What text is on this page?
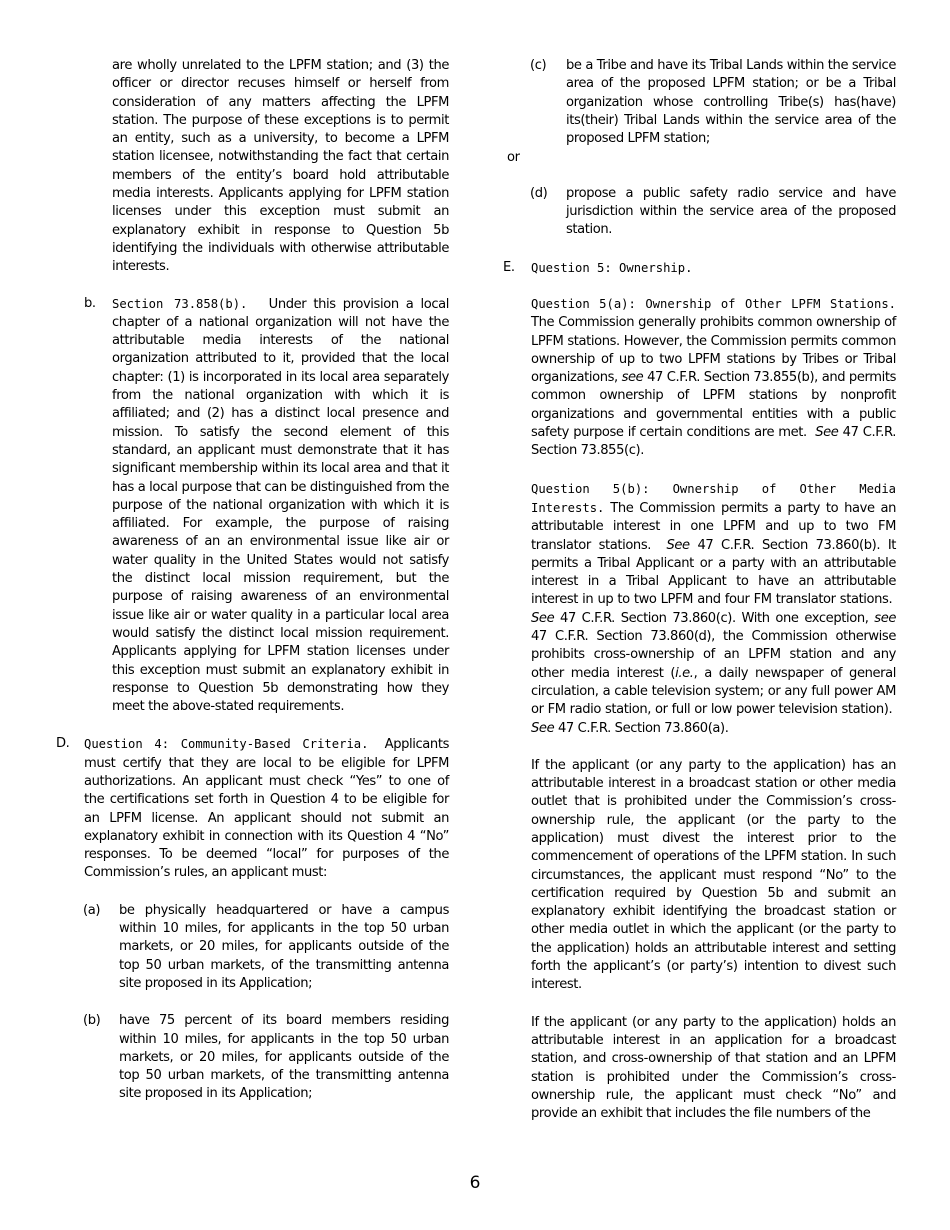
are wholly unrelated to the LPFM station; and (3) the officer or director recuses himself or herself from consideration of any matters affecting the LPFM station. The purpose of these exceptions is to permit an entity, such as a university, to become a LPFM station licensee, notwithstanding the fact that certain members of the entity’s board hold attributable media interests. Applicants applying for LPFM station licenses under this exception must submit an explanatory exhibit in response to Question 5b identifying the individuals with otherwise attributable interests.

b. Section 73.858(b). Under this provision a local chapter of a national organization will not have the attributable media interests of the national organization attributed to it, provided that the local chapter: (1) is incorporated in its local area separately from the national organization with which it is affiliated; and (2) has a distinct local presence and mission. To satisfy the second element of this standard, an applicant must demonstrate that it has significant membership within its local area and that it has a local purpose that can be distinguished from the purpose of the national organization with which it is affiliated. For example, the purpose of raising awareness of an an environmental issue like air or water quality in the United States would not satisfy the distinct local mission requirement, but the purpose of raising awareness of an environmental issue like air or water quality in a particular local area would satisfy the distinct local mission requirement. Applicants applying for LPFM station licenses under this exception must submit an explanatory exhibit in response to Question 5b demonstrating how they meet the above-stated requirements.

D. Question 4: Community-Based Criteria. Applicants must certify that they are local to be eligible for LPFM authorizations. An applicant must check “Yes” to one of the certifications set forth in Question 4 to be eligible for an LPFM license. An applicant should not submit an explanatory exhibit in connection with its Question 4 “No” responses. To be deemed “local” for purposes of the Commission’s rules, an applicant must:

(a) be physically headquartered or have a campus within 10 miles, for applicants in the top 50 urban markets, or 20 miles, for applicants outside of the top 50 urban markets, of the transmitting antenna site proposed in its Application;

(b) have 75 percent of its board members residing within 10 miles, for applicants in the top 50 urban markets, or 20 miles, for applicants outside of the top 50 urban markets, of the transmitting antenna site proposed in its Application;

(c) be a Tribe and have its Tribal Lands within the service area of the proposed LPFM station; or be a Tribal organization whose controlling Tribe(s) has(have) its(their) Tribal Lands within the service area of the proposed LPFM station;

or
(d) propose a public safety radio service and have jurisdiction within the service area of the proposed station.

E. Question 5: Ownership.

Question 5(a): Ownership of Other LPFM Stations. The Commission generally prohibits common ownership of LPFM stations. However, the Commission permits common ownership of up to two LPFM stations by Tribes or Tribal organizations, see 47 C.F.R. Section 73.855(b), and permits common ownership of LPFM stations by nonprofit organizations and governmental entities with a public safety purpose if certain conditions are met. See 47 C.F.R. Section 73.855(c).

Question 5(b): Ownership of Other Media Interests. The Commission permits a party to have an attributable interest in one LPFM and up to two FM translator stations. See 47 C.F.R. Section 73.860(b). It permits a Tribal Applicant or a party with an attributable interest in a Tribal Applicant to have an attributable interest in up to two LPFM and four FM translator stations.  See 47 C.F.R. Section 73.860(c). With one exception, see 47 C.F.R. Section 73.860(d), the Commission otherwise prohibits cross-ownership of an LPFM station and any other media interest (i.e., a daily newspaper of general circulation, a cable television system; or any full power AM or FM radio station, or full or low power television station).  See 47 C.F.R. Section 73.860(a).

If the applicant (or any party to the application) has an attributable interest in a broadcast station or other media outlet that is prohibited under the Commission’s cross-ownership rule, the applicant (or the party to the application) must divest the interest prior to the commencement of operations of the LPFM station. In such circumstances, the applicant must respond “No” to the certification required by Question 5b and submit an explanatory exhibit identifying the broadcast station or other media outlet in which the applicant (or the party to the application) holds an attributable interest and setting forth the applicant’s (or party’s) intention to divest such interest.

If the applicant (or any party to the application) holds an attributable interest in an application for a broadcast station, and cross-ownership of that station and an LPFM station is prohibited under the Commission’s cross-ownership rule, the applicant must check “No” and provide an exhibit that includes the file numbers of the

6
